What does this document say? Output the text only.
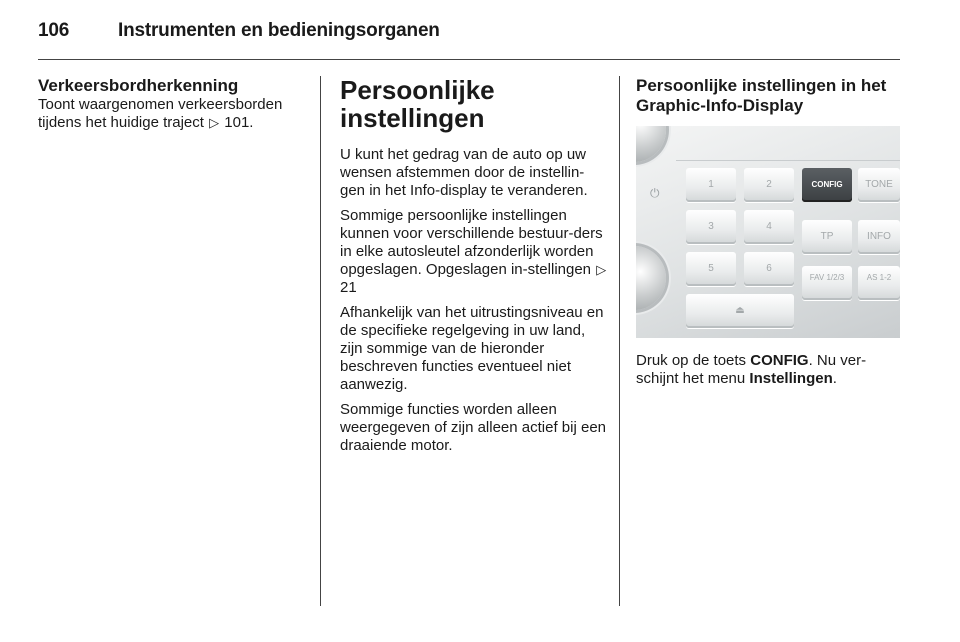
106	Instrumenten en bedieningsorganen

Verkeersbordherkenning

Toont waargenomen verkeersborden
tijdens het huidige traject ▷ 101.

Persoonlijke
instellingen

U kunt het gedrag van de auto op uw wensen afstemmen door de instellin-gen in het Info-display te veranderen.

Sommige persoonlijke instellingen kunnen voor verschillende bestuur-ders in elke autosleutel afzonderlijk worden opgeslagen. Opgeslagen in-stellingen ▷ 21

Afhankelijk van het uitrustingsniveau en de specifieke regelgeving in uw land, zijn sommige van de hieronder beschreven functies eventueel niet aanwezig.

Sommige functies worden alleen weergegeven of zijn alleen actief bij een draaiende motor.

Persoonlijke instellingen in het Graphic-Info-Display

⏻
1	2	CONFIG	TONE
3	4
TP	INFO
5	6
FAV 1/2/3	AS 1-2
⏏

Druk op de toets CONFIG. Nu ver-schijnt het menu Instellingen.
